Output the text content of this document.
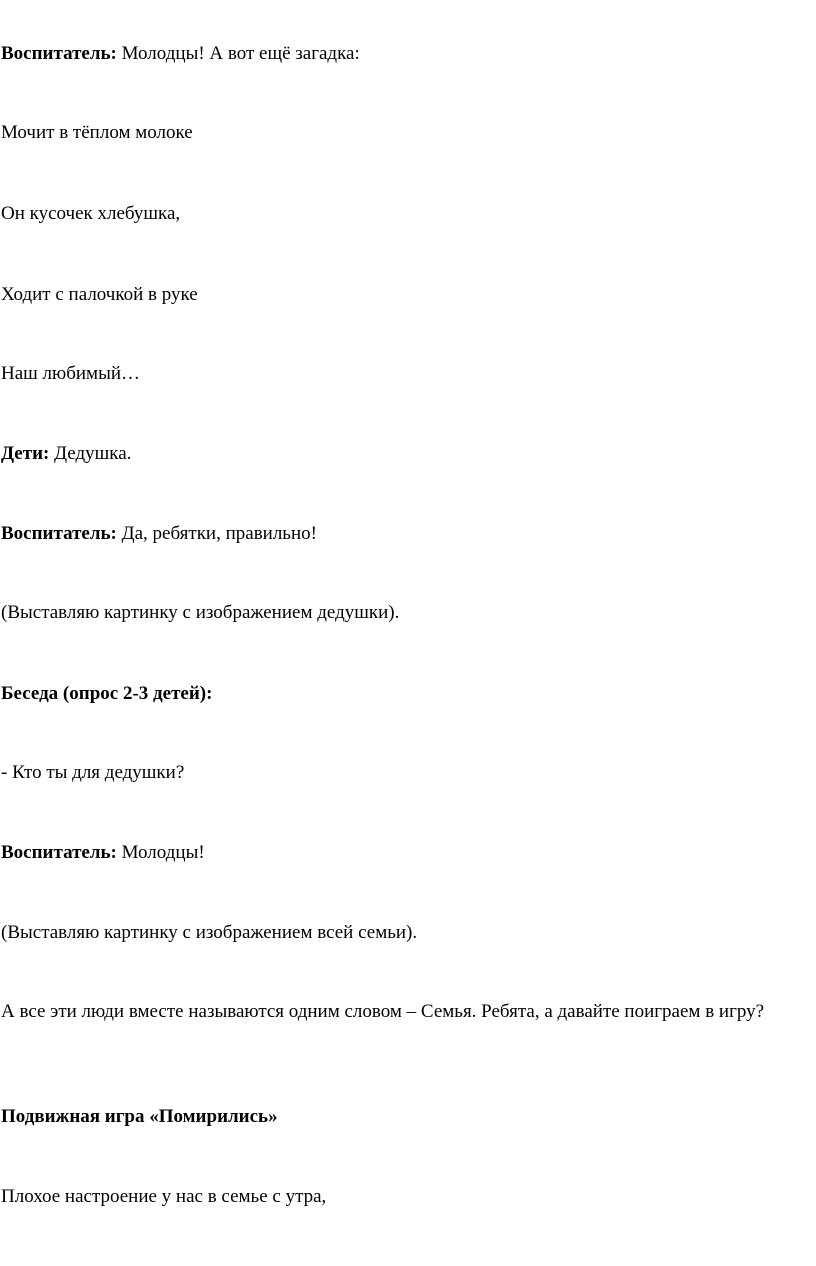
Воспитатель: Молодцы! А вот ещё загадка:
Мочит в тёплом молоке
Он кусочек хлебушка,
Ходит с палочкой в руке
Наш любимый…
Дети: Дедушка.
Воспитатель: Да, ребятки, правильно!
(Выставляю картинку с изображением дедушки).
Беседа (опрос 2-3 детей):
- Кто ты для дедушки?
Воспитатель: Молодцы!
(Выставляю картинку с изображением всей семьи).
А все эти люди вместе называются одним словом – Семья. Ребята, а давайте поиграем в игру?
Подвижная игра «Помирились»
Плохое настроение у нас в семье с утра,
